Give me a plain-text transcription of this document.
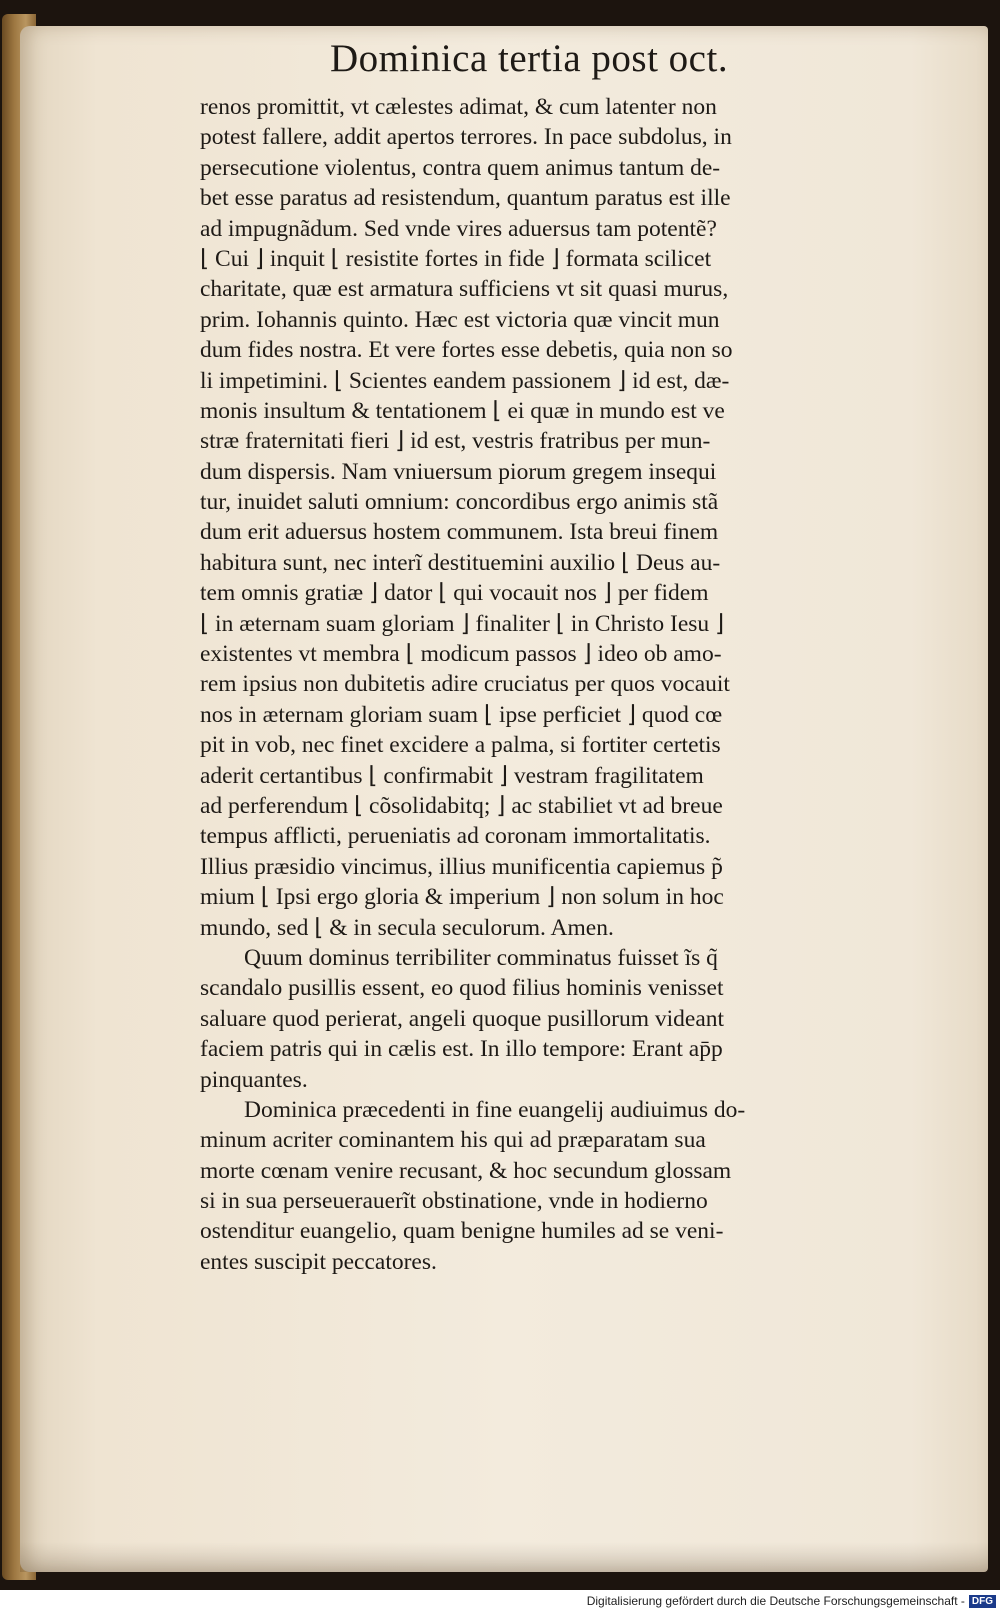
Dominica tertia post oct.
renos promittit, vt cælestes adimat, & cum latenter non
potest fallere, addit apertos terrores. In pace subdolus, in
persecutione violentus, contra quem animus tantum de-
bet esse paratus ad resistendum, quantum paratus est ille
ad impugnãdum. Sed vnde vires aduersus tam potentẽ?
⌊ Cui ⌋ inquit ⌊ resistite fortes in fide ⌋ formata scilicet
charitate, quæ est armatura sufficiens vt sit quasi murus,
prim. Iohannis quinto. Hæc est victoria quæ vincit mun
dum fides nostra. Et vere fortes esse debetis, quia non so
li impetimini. ⌊ Scientes eandem passionem ⌋ id est, dæ-
monis insultum & tentationem ⌊ ei quæ in mundo est ve
stræ fraternitati fieri ⌋ id est, vestris fratribus per mun-
dum dispersis. Nam vniuersum piorum gregem insequi
tur, inuidet saluti omnium: concordibus ergo animis stã
dum erit aduersus hostem communem. Ista breui finem
habitura sunt, nec interĩ destituemini auxilio ⌊ Deus au-
tem omnis gratiæ ⌋ dator ⌊ qui vocauit nos ⌋ per fidem
⌊ in æternam suam gloriam ⌋ finaliter ⌊ in Christo Iesu ⌋
existentes vt membra ⌊ modicum passos ⌋ ideo ob amo-
rem ipsius non dubitetis adire cruciatus per quos vocauit
nos in æternam gloriam suam ⌊ ipse perficiet ⌋ quod cœ
pit in vob, nec finet excidere a palma, si fortiter certetis
aderit certantibus ⌊ confirmabit ⌋ vestram fragilitatem
ad perferendum ⌊ cõsolidabitq; ⌋ ac stabiliet vt ad breue
tempus afflicti, perueniatis ad coronam immortalitatis.
Illius præsidio vincimus, illius munificentia capiemus p̃
mium ⌊ Ipsi ergo gloria & imperium ⌋ non solum in hoc
mundo, sed ⌊ & in secula seculorum. Amen.
Quum dominus terribiliter comminatus fuisset ĩs q̃
scandalo pusillis essent, eo quod filius hominis venisset
saluare quod perierat, angeli quoque pusillorum videant
faciem patris qui in cælis est. In illo tempore: Erant ap̄p
pinquantes.
Dominica præcedenti in fine euangelij audiuimus do-
minum acriter cominantem his qui ad præparatam sua
morte cœnam venire recusant, & hoc secundum glossam
si in sua perseuerauerĩt obstinatione, vnde in hodierno
ostenditur euangelio, quam benigne humiles ad se veni-
entes suscipit peccatores.
Digitalisierung gefördert durch die Deutsche Forschungsgemeinschaft - DFG
